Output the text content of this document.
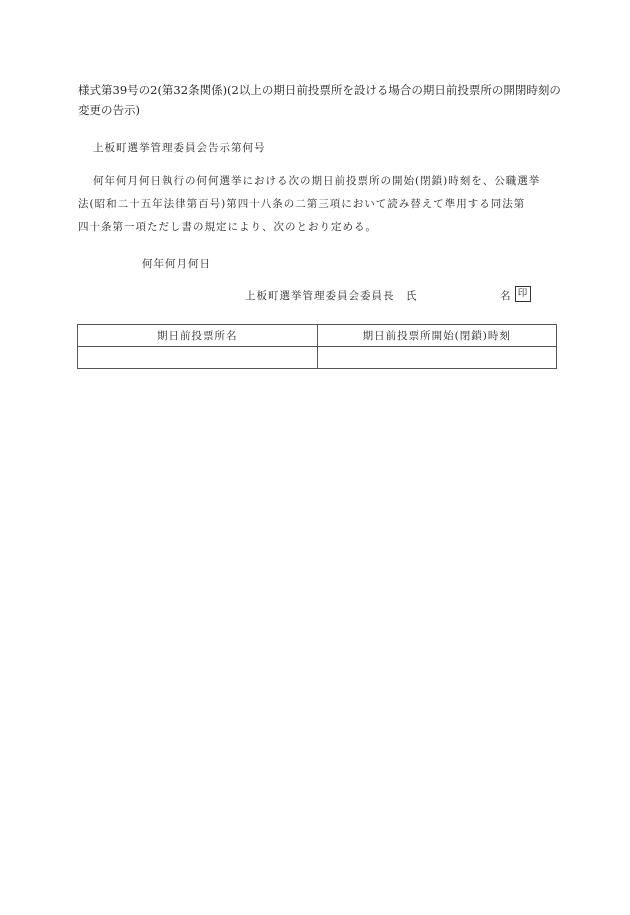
様式第39号の2(第32条関係)(2以上の期日前投票所を設ける場合の期日前投票所の開閉時刻の変更の告示)

上板町選挙管理委員会告示第何号

何年何月何日執行の何何選挙における次の期日前投票所の開始(閉鎖)時刻を、公職選挙

法(昭和二十五年法律第百号)第四十八条の二第三項において読み替えて準用する同法第

四十条第一項ただし書の規定により、次のとおり定める。

何年何月何日

上板町選挙管理委員会委員長　氏	名 印
期日前投票所名	期日前投票所開始(閉鎖)時刻
